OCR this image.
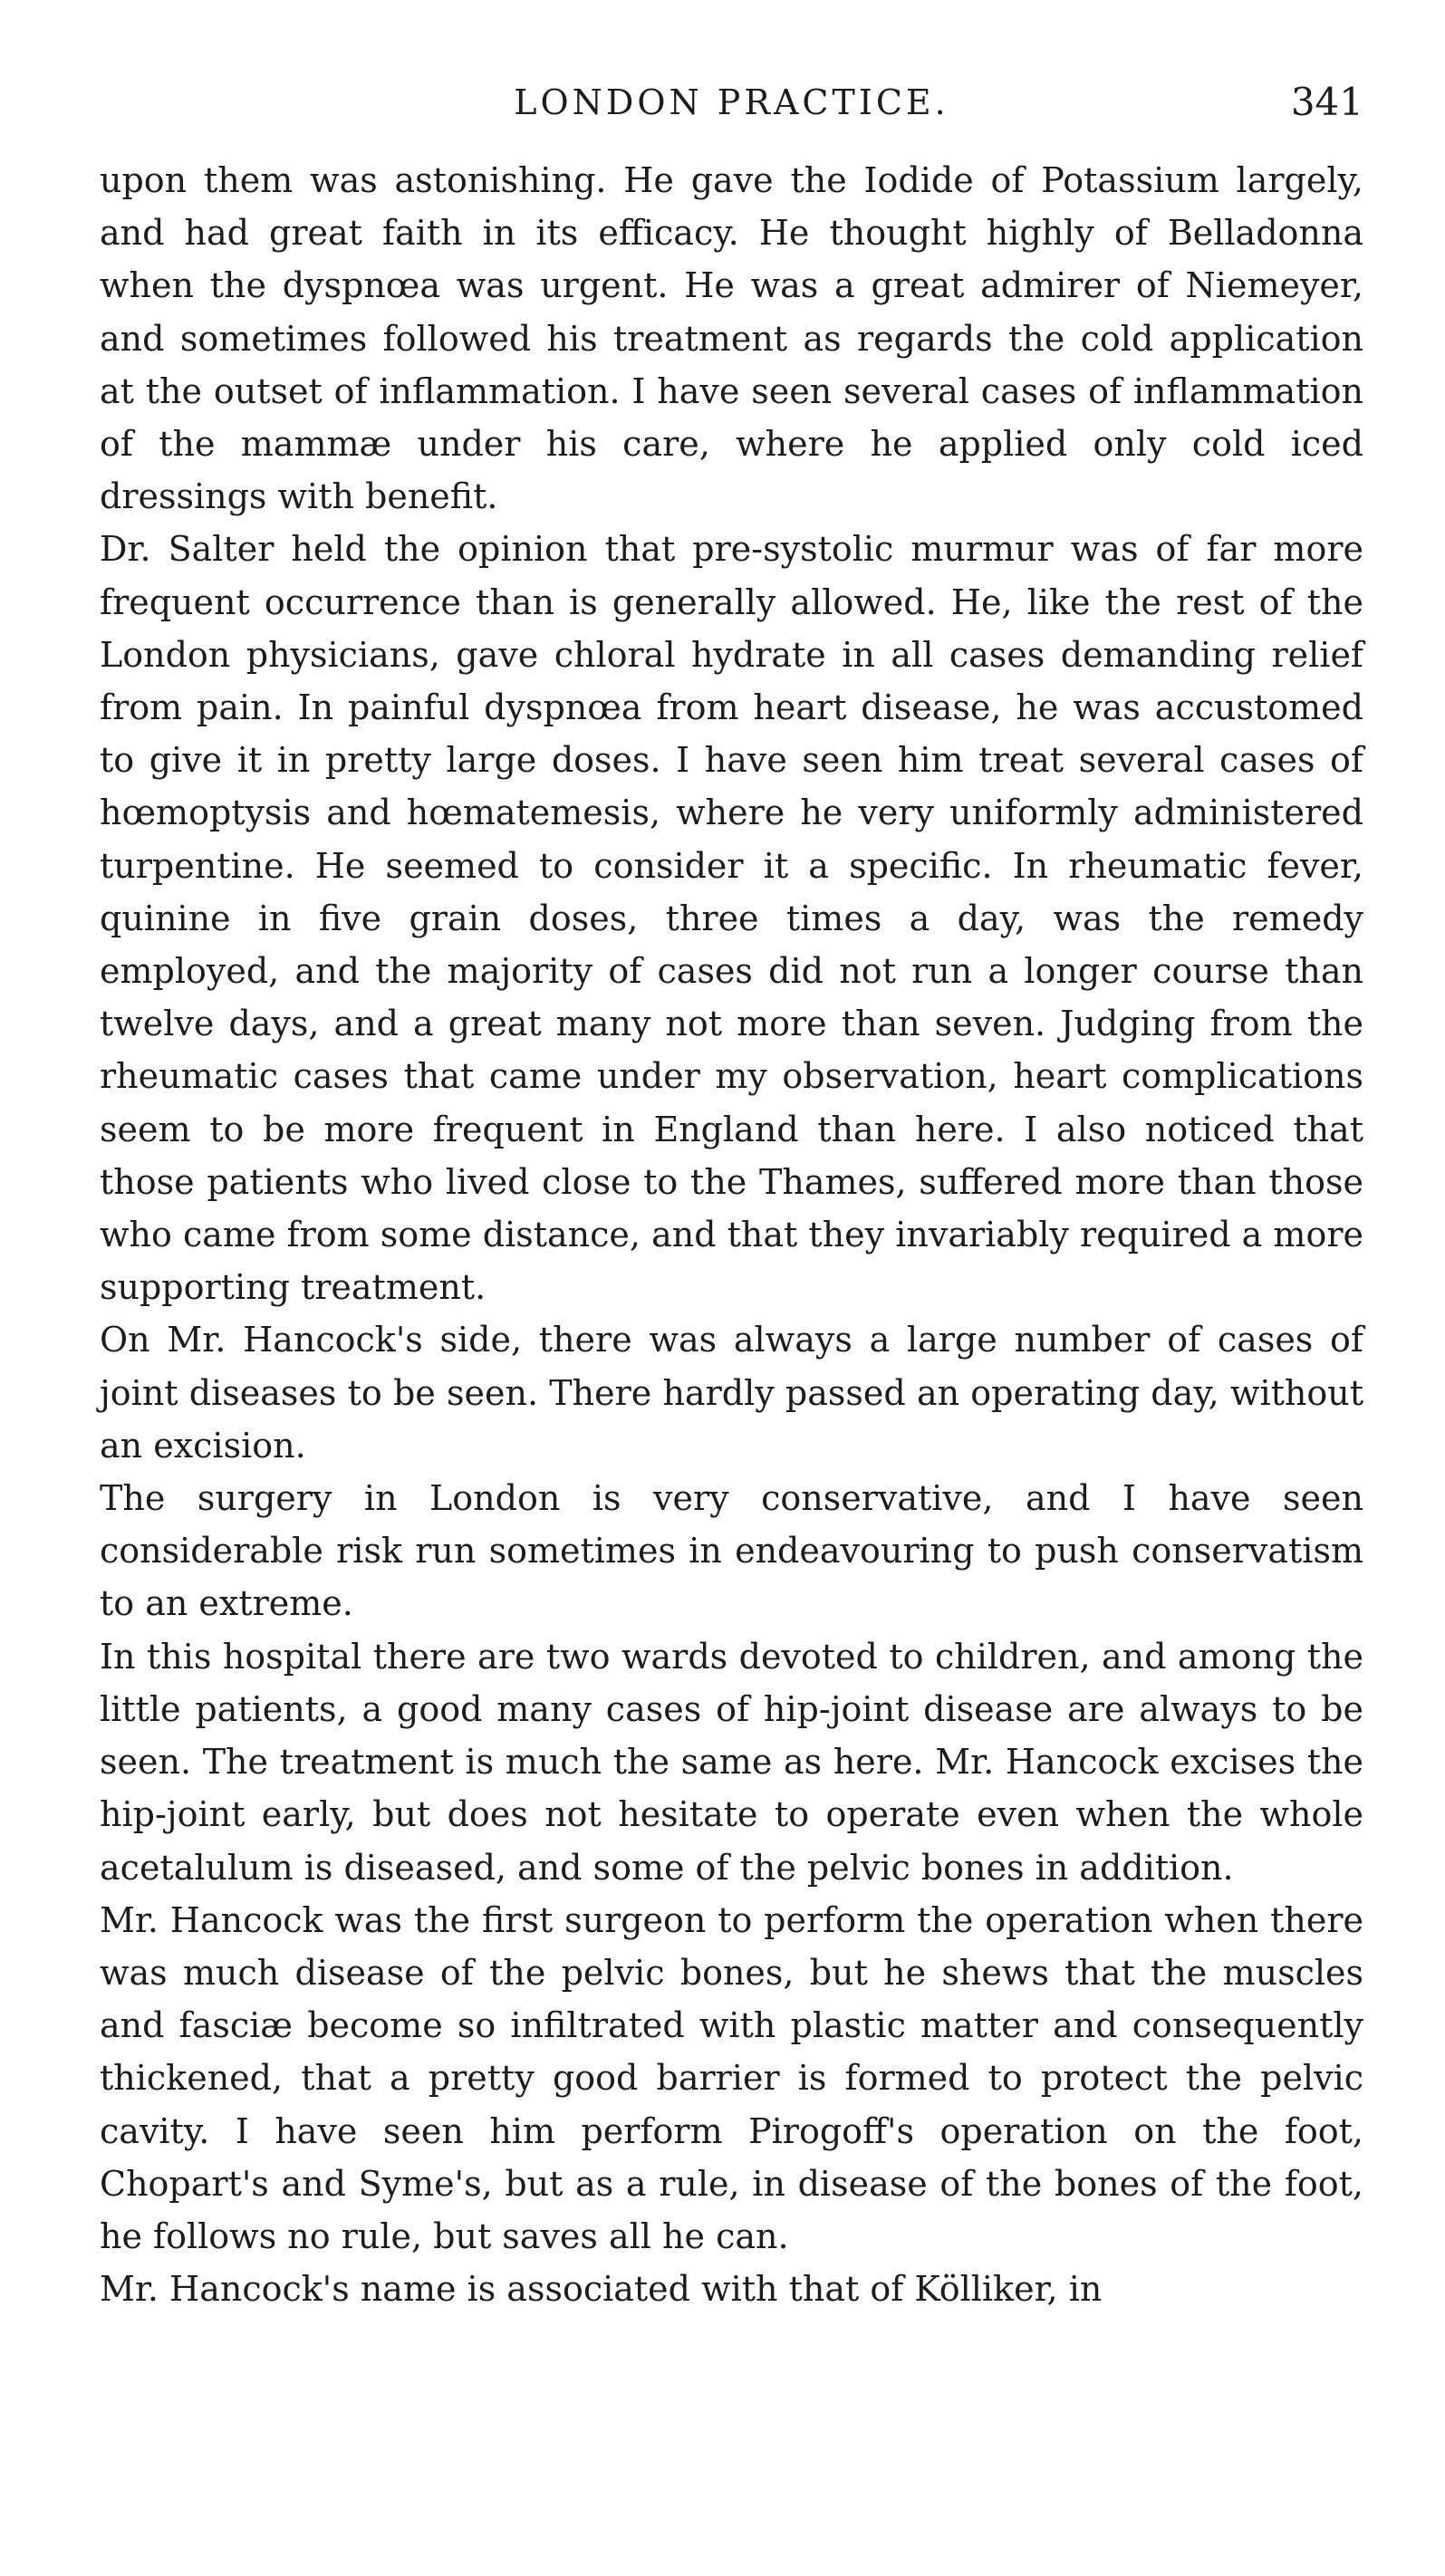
LONDON PRACTICE.	341

upon them was astonishing. He gave the Iodide of Potassium largely, and had great faith in its efficacy. He thought highly of Belladonna when the dyspnœa was urgent. He was a great admirer of Niemeyer, and sometimes followed his treatment as regards the cold application at the outset of inflammation. I have seen several cases of inflammation of the mammæ under his care, where he applied only cold iced dressings with benefit.

Dr. Salter held the opinion that pre-systolic murmur was of far more frequent occurrence than is generally allowed. He, like the rest of the London physicians, gave chloral hydrate in all cases demanding relief from pain. In painful dyspnœa from heart disease, he was accustomed to give it in pretty large doses. I have seen him treat several cases of hœmoptysis and hœmatemesis, where he very uniformly administered turpentine. He seemed to consider it a specific. In rheumatic fever, quinine in five grain doses, three times a day, was the remedy employed, and the majority of cases did not run a longer course than twelve days, and a great many not more than seven. Judging from the rheumatic cases that came under my observation, heart complications seem to be more frequent in England than here. I also noticed that those patients who lived close to the Thames, suffered more than those who came from some distance, and that they invariably required a more supporting treatment.

On Mr. Hancock's side, there was always a large number of cases of joint diseases to be seen. There hardly passed an operating day, without an excision.

The surgery in London is very conservative, and I have seen considerable risk run sometimes in endeavouring to push conservatism to an extreme.

In this hospital there are two wards devoted to children, and among the little patients, a good many cases of hip-joint disease are always to be seen. The treatment is much the same as here. Mr. Hancock excises the hip-joint early, but does not hesitate to operate even when the whole acetalulum is diseased, and some of the pelvic bones in addition.

Mr. Hancock was the first surgeon to perform the operation when there was much disease of the pelvic bones, but he shews that the muscles and fasciæ become so infiltrated with plastic matter and consequently thickened, that a pretty good barrier is formed to protect the pelvic cavity. I have seen him perform Pirogoff's operation on the foot, Chopart's and Syme's, but as a rule, in disease of the bones of the foot, he follows no rule, but saves all he can.

Mr. Hancock's name is associated with that of Kölliker, in
